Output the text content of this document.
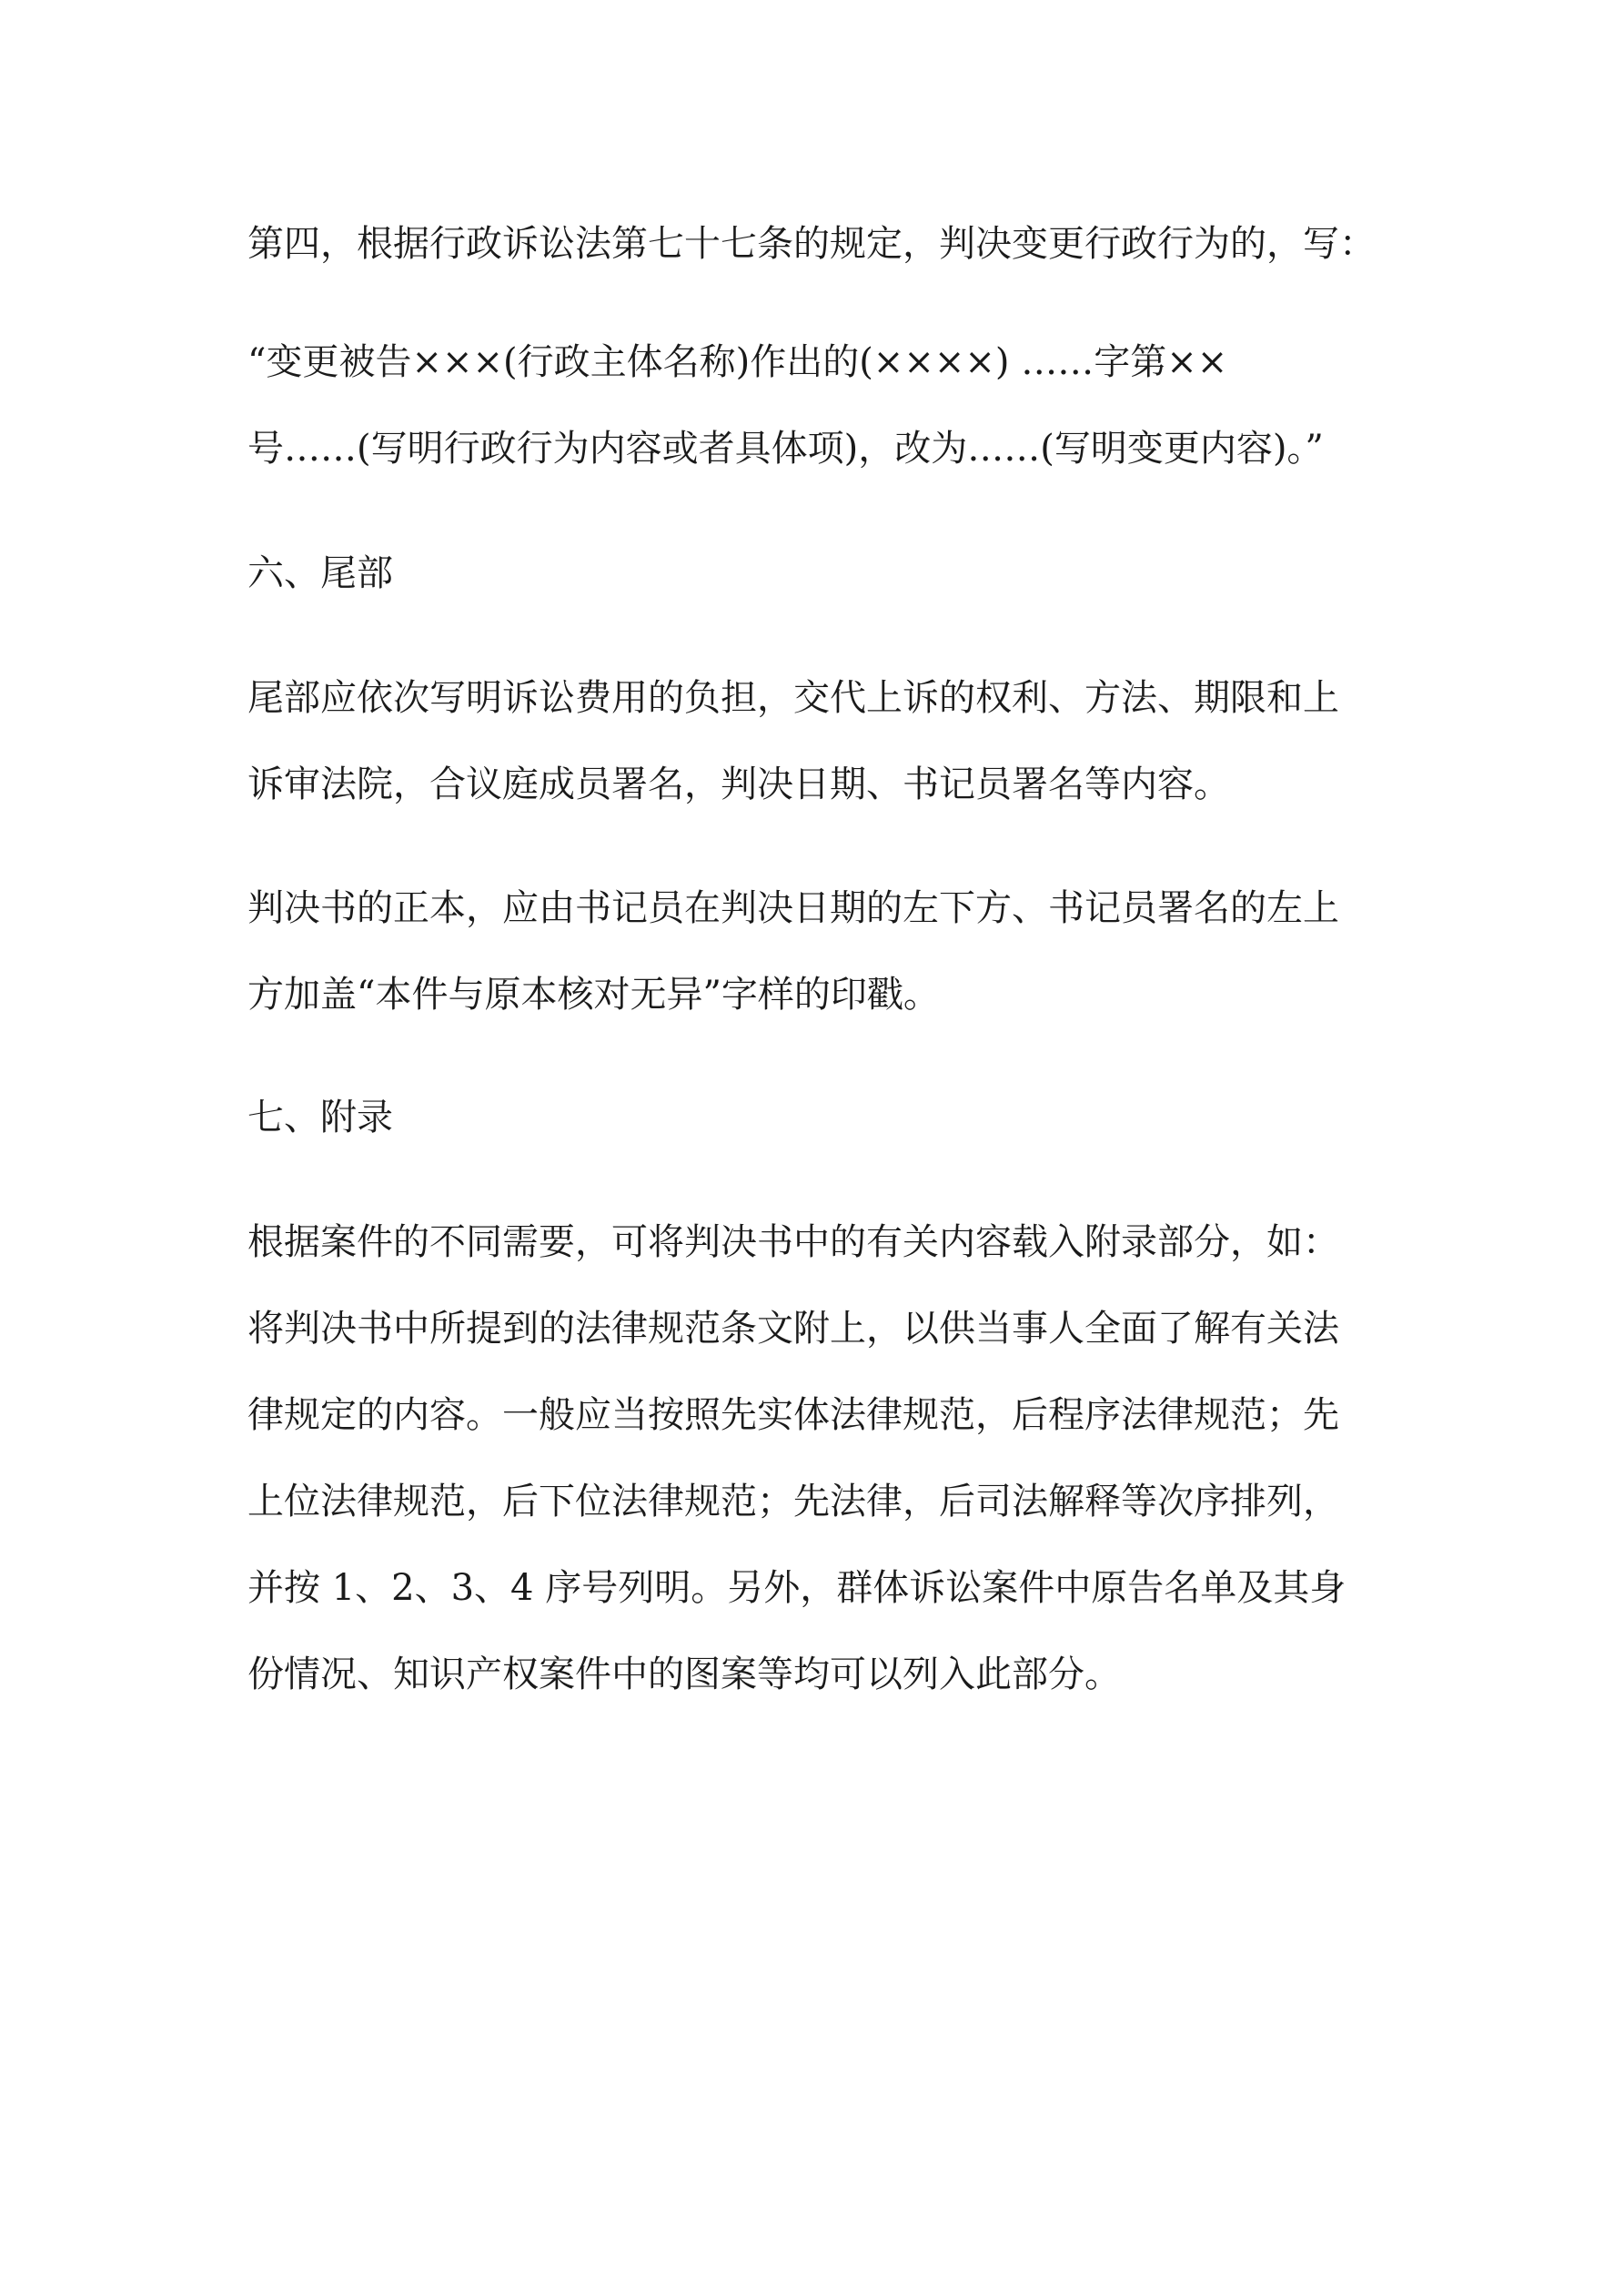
第四，根据行政诉讼法第七十七条的规定，判决变更行政行为的，写：

“变更被告×××(行政主体名称)作出的(××××) ……字第××

号……(写明行政行为内容或者具体项)，改为……(写明变更内容)。”

六、尾部

尾部应依次写明诉讼费用的负担，交代上诉的权利、方法、期限和上

诉审法院，合议庭成员署名，判决日期、书记员署名等内容。

判决书的正本，应由书记员在判决日期的左下方、书记员署名的左上

方加盖“本件与原本核对无异”字样的印戳。

七、附录

根据案件的不同需要，可将判决书中的有关内容载入附录部分，如：

将判决书中所提到的法律规范条文附上，以供当事人全面了解有关法

律规定的内容。一般应当按照先实体法律规范，后程序法律规范；先

上位法律规范，后下位法律规范；先法律，后司法解释等次序排列，

并按 1、2、3、4 序号列明。另外，群体诉讼案件中原告名单及其身

份情况、知识产权案件中的图案等均可以列入此部分。
